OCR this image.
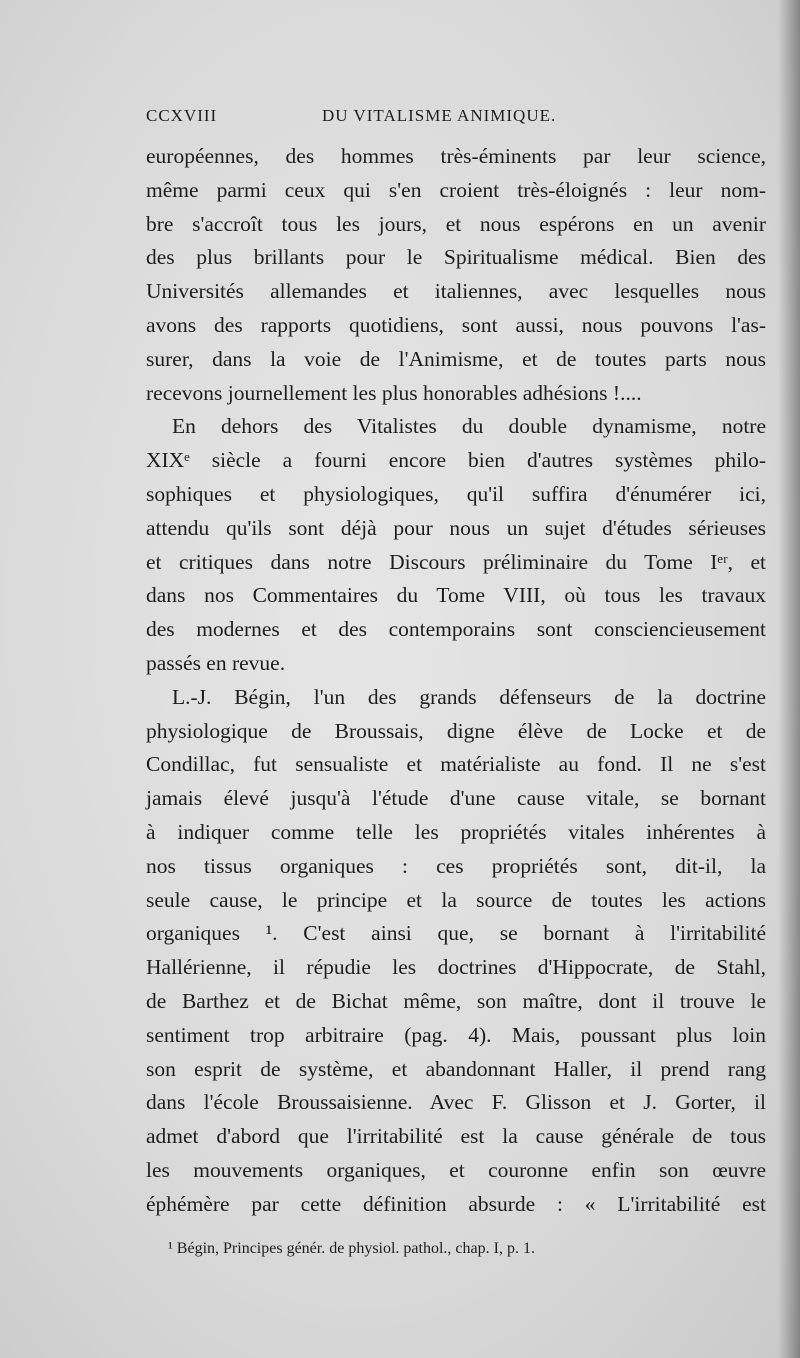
CCXVIII	DU VITALISME ANIMIQUE.
européennes, des hommes très-éminents par leur science,
même parmi ceux qui s'en croient très-éloignés : leur nom-
bre s'accroît tous les jours, et nous espérons en un avenir
des plus brillants pour le Spiritualisme médical. Bien des
Universités allemandes et italiennes, avec lesquelles nous
avons des rapports quotidiens, sont aussi, nous pouvons l'as-
surer, dans la voie de l'Animisme, et de toutes parts nous
recevons journellement les plus honorables adhésions !....
En dehors des Vitalistes du double dynamisme, notre
XIXᵉ siècle a fourni encore bien d'autres systèmes philo-
sophiques et physiologiques, qu'il suffira d'énumérer ici,
attendu qu'ils sont déjà pour nous un sujet d'études sérieuses
et critiques dans notre Discours préliminaire du Tome Iᵉʳ, et
dans nos Commentaires du Tome VIII, où tous les travaux
des modernes et des contemporains sont consciencieusement
passés en revue.
L.-J. Bégin, l'un des grands défenseurs de la doctrine
physiologique de Broussais, digne élève de Locke et de
Condillac, fut sensualiste et matérialiste au fond. Il ne s'est
jamais élevé jusqu'à l'étude d'une cause vitale, se bornant
à indiquer comme telle les propriétés vitales inhérentes à
nos tissus organiques : ces propriétés sont, dit-il, la
seule cause, le principe et la source de toutes les actions
organiques ¹. C'est ainsi que, se bornant à l'irritabilité
Hallérienne, il répudie les doctrines d'Hippocrate, de Stahl,
de Barthez et de Bichat même, son maître, dont il trouve le
sentiment trop arbitraire (pag. 4). Mais, poussant plus loin
son esprit de système, et abandonnant Haller, il prend rang
dans l'école Broussaisienne. Avec F. Glisson et J. Gorter, il
admet d'abord que l'irritabilité est la cause générale de tous
les mouvements organiques, et couronne enfin son œuvre
éphémère par cette définition absurde : « L'irritabilité est
¹ Bégin, Principes génér. de physiol. pathol., chap. I, p. 1.
